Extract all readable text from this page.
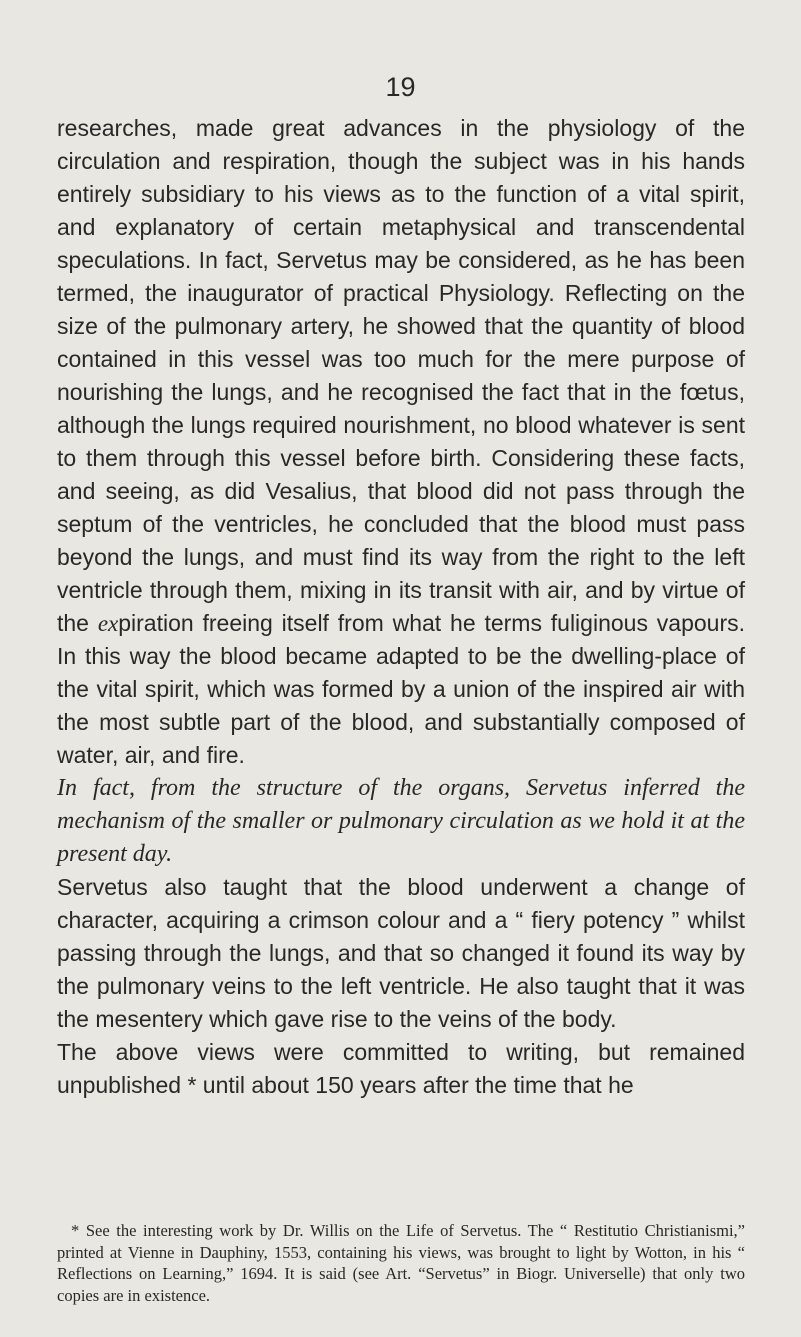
19

researches, made great advances in the physiology of the circulation and respiration, though the subject was in his hands entirely subsidiary to his views as to the function of a vital spirit, and explanatory of certain metaphysical and transcendental speculations. In fact, Servetus may be considered, as he has been termed, the inaugurator of practical Physiology. Reflecting on the size of the pulmonary artery, he showed that the quantity of blood contained in this vessel was too much for the mere purpose of nourishing the lungs, and he recognised the fact that in the fœtus, although the lungs required nourishment, no blood whatever is sent to them through this vessel before birth. Considering these facts, and seeing, as did Vesalius, that blood did not pass through the septum of the ventricles, he concluded that the blood must pass beyond the lungs, and must find its way from the right to the left ventricle through them, mixing in its transit with air, and by virtue of the expiration freeing itself from what he terms fuliginous vapours. In this way the blood became adapted to be the dwelling-place of the vital spirit, which was formed by a union of the inspired air with the most subtle part of the blood, and substantially composed of water, air, and fire.

In fact, from the structure of the organs, Servetus inferred the mechanism of the smaller or pulmonary circulation as we hold it at the present day.

Servetus also taught that the blood underwent a change of character, acquiring a crimson colour and a “ fiery potency ” whilst passing through the lungs, and that so changed it found its way by the pulmonary veins to the left ventricle. He also taught that it was the mesentery which gave rise to the veins of the body.

The above views were committed to writing, but remained unpublished * until about 150 years after the time that he

* See the interesting work by Dr. Willis on the Life of Servetus. The “ Restitutio Christianismi,” printed at Vienne in Dauphiny, 1553, containing his views, was brought to light by Wotton, in his “ Reflections on Learning,” 1694. It is said (see Art. “Servetus” in Biogr. Universelle) that only two copies are in existence.
